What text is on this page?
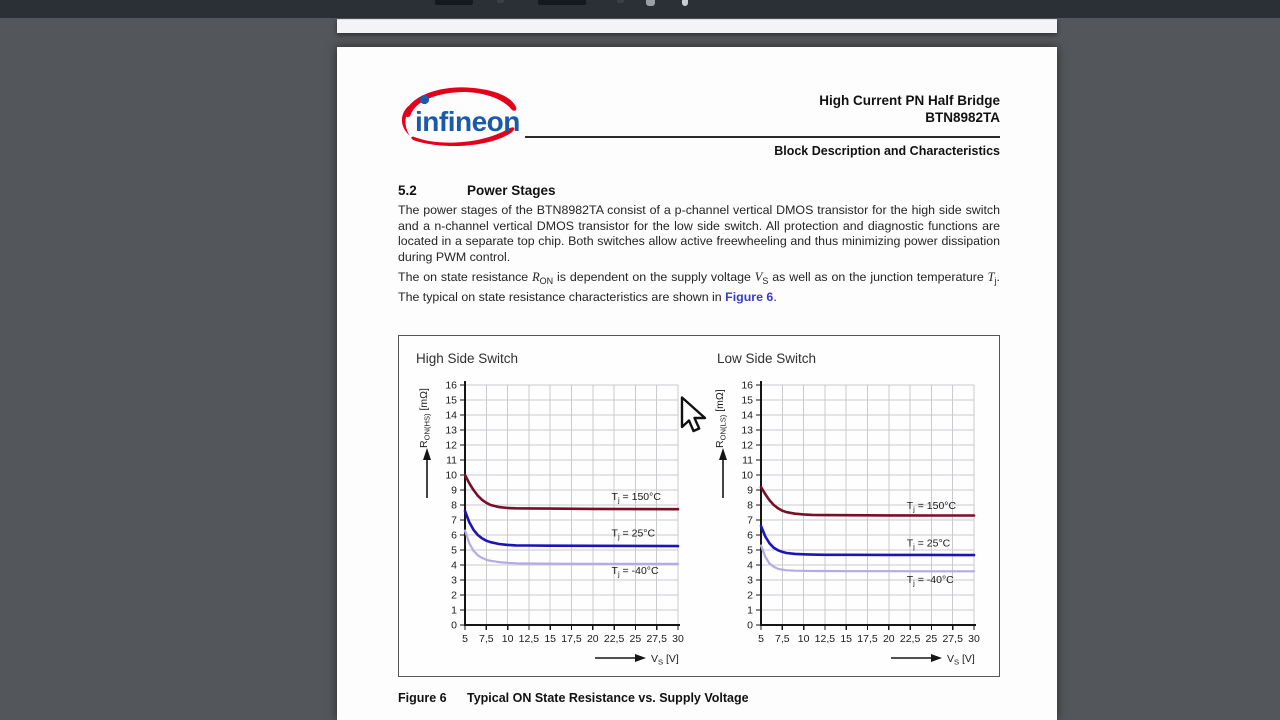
infineon
High Current PN Half Bridge
BTN8982TA
Block Description and Characteristics
5.2	Power Stages
The power stages of the BTN8982TA consist of a p-channel vertical DMOS transistor for the high side switch and a n-channel vertical DMOS transistor for the low side switch. All protection and diagnostic functions are located in a separate top chip. Both switches allow active freewheeling and thus minimizing power dissipation during PWM control.
The on state resistance $R_{ON}$ is dependent on the supply voltage $V_S$ as well as on the junction temperature $T_j$. The typical on state resistance characteristics are shown in Figure 6.
0
1
2
3
4
5
6
7
8
9
10
11
12
13
14
15
16
5 7,5 10 12,5 15 17,5 20 22,5 25 27,5 30
$T_j = 150^\circ C$
$T_j = 25^\circ C$
$T_j = -40^\circ C$
High Side Switch
$R_{ON(HS)}$ [mΩ]
$V_S$ [V]
0
1
2
3
4
5
6
7
8
9
10
11
12
13
14
15
16
5 7,5 10 12,5 15 17,5 20 22,5 25 27,5 30
$T_j = 150^\circ C$
$T_j = 25^\circ C$
$T_j = -40^\circ C$
Low Side Switch
$R_{ON(LS)}$ [mΩ]
$V_S$ [V]
Figure 6 Typical ON State Resistance vs. Supply Voltage
